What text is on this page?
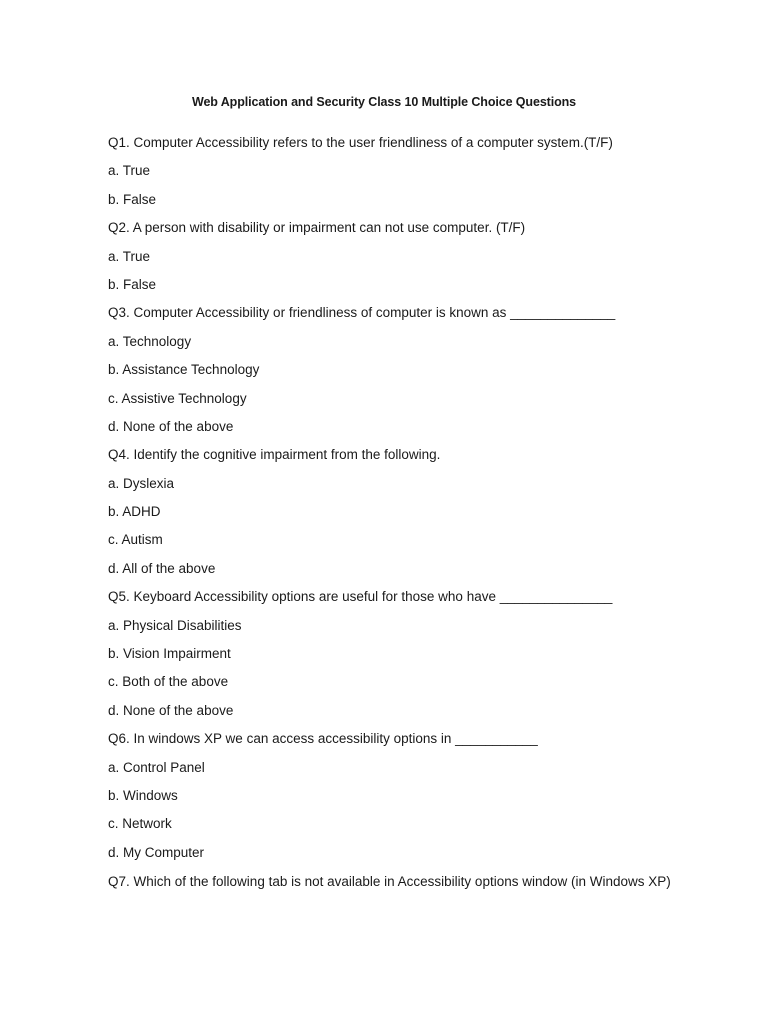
Web Application and Security Class 10 Multiple Choice Questions
Q1. Computer Accessibility refers to the user friendliness of a computer system.(T/F)
a. True
b. False
Q2. A person with disability or impairment can not use computer. (T/F)
a. True
b. False
Q3. Computer Accessibility or friendliness of computer is known as ______________
a. Technology
b. Assistance Technology
c. Assistive Technology
d. None of the above
Q4. Identify the cognitive impairment from the following.
a. Dyslexia
b. ADHD
c. Autism
d. All of the above
Q5. Keyboard Accessibility options are useful for those who have _______________
a. Physical Disabilities
b. Vision Impairment
c. Both of the above
d. None of the above
Q6. In windows XP we can access accessibility options in ___________
a. Control Panel
b. Windows
c. Network
d. My Computer
Q7. Which of the following tab is not available in Accessibility options window (in Windows XP)
